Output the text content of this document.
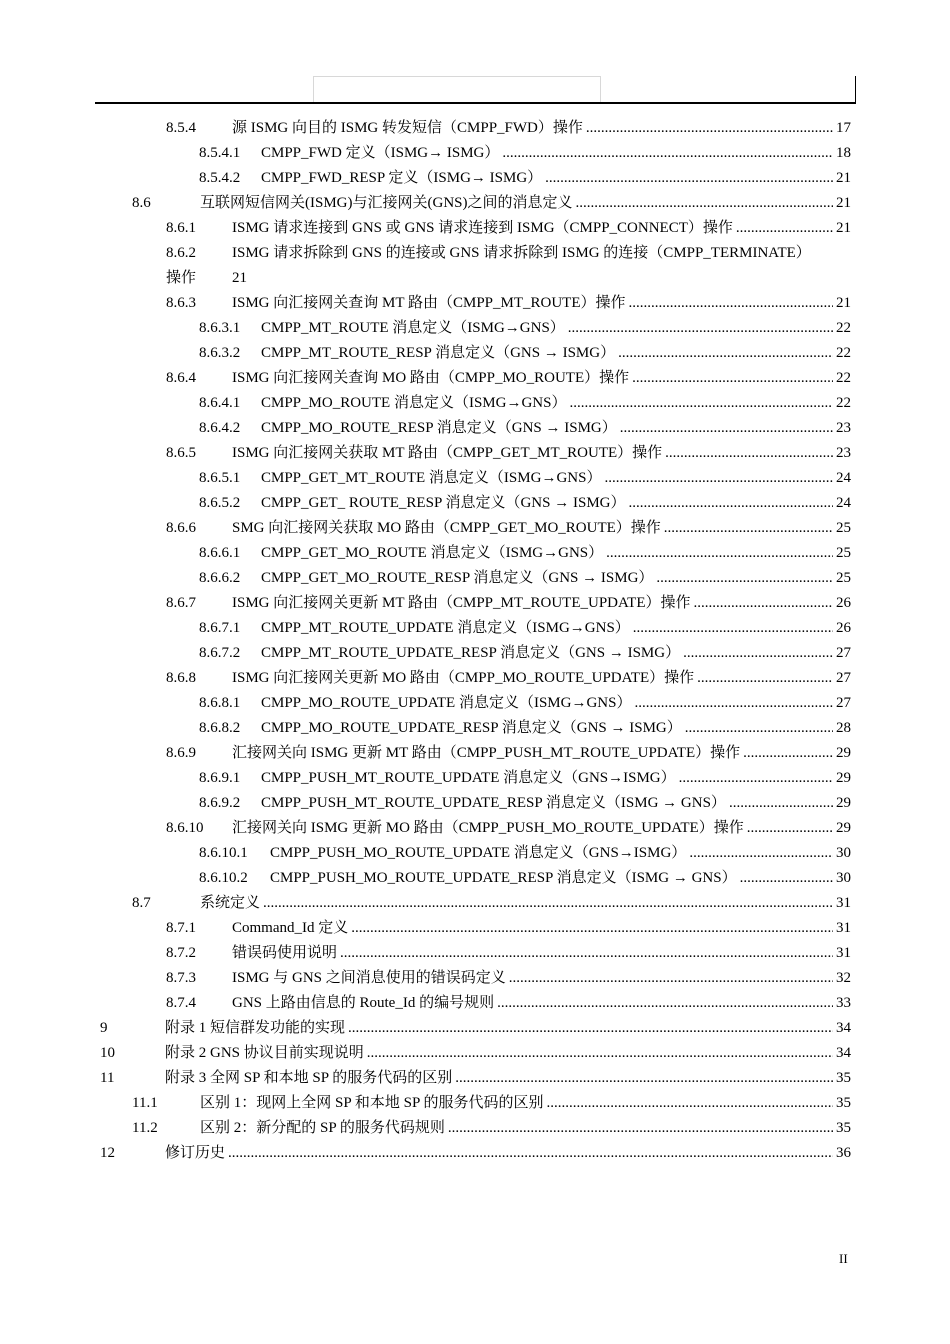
8.5.4	源 ISMG 向目的 ISMG 转发短信（CMPP_FWD）操作 .....	17
8.5.4.1	CMPP_FWD 定义（ISMG→ ISMG） .....	18
8.5.4.2	CMPP_FWD_RESP 定义（ISMG→ ISMG） .....	21
8.6	互联网短信网关(ISMG)与汇接网关(GNS)之间的消息定义 .....	21
8.6.1	ISMG 请求连接到 GNS 或 GNS 请求连接到 ISMG（CMPP_CONNECT）操作 .....	21
8.6.2	ISMG 请求拆除到 GNS 的连接或 GNS 请求拆除到 ISMG 的连接（CMPP_TERMINATE）
操作 21
8.6.3	ISMG 向汇接网关查询 MT 路由（CMPP_MT_ROUTE）操作 .....	21
8.6.3.1	CMPP_MT_ROUTE 消息定义（ISMG→GNS） .....	22
8.6.3.2	CMPP_MT_ROUTE_RESP 消息定义（GNS → ISMG） .....	22
8.6.4	ISMG 向汇接网关查询 MO 路由（CMPP_MO_ROUTE）操作 .....	22
8.6.4.1	CMPP_MO_ROUTE 消息定义（ISMG→GNS） .....	22
8.6.4.2	CMPP_MO_ROUTE_RESP 消息定义（GNS → ISMG） .....	23
8.6.5	ISMG 向汇接网关获取 MT 路由（CMPP_GET_MT_ROUTE）操作 .....	23
8.6.5.1	CMPP_GET_MT_ROUTE 消息定义（ISMG→GNS） .....	24
8.6.5.2	CMPP_GET_ ROUTE_RESP 消息定义（GNS → ISMG） .....	24
8.6.6	SMG 向汇接网关获取 MO 路由（CMPP_GET_MO_ROUTE）操作 .....	25
8.6.6.1	CMPP_GET_MO_ROUTE 消息定义（ISMG→GNS） .....	25
8.6.6.2	CMPP_GET_MO_ROUTE_RESP 消息定义（GNS → ISMG） .....	25
8.6.7	ISMG 向汇接网关更新 MT 路由（CMPP_MT_ROUTE_UPDATE）操作 .....	26
8.6.7.1	CMPP_MT_ROUTE_UPDATE 消息定义（ISMG→GNS） .....	26
8.6.7.2	CMPP_MT_ROUTE_UPDATE_RESP 消息定义（GNS → ISMG） .....	27
8.6.8	ISMG 向汇接网关更新 MO 路由（CMPP_MO_ROUTE_UPDATE）操作 .....	27
8.6.8.1	CMPP_MO_ROUTE_UPDATE 消息定义（ISMG→GNS） .....	27
8.6.8.2	CMPP_MO_ROUTE_UPDATE_RESP 消息定义（GNS → ISMG） .....	28
8.6.9	汇接网关向 ISMG 更新 MT 路由（CMPP_PUSH_MT_ROUTE_UPDATE）操作 .....	29
8.6.9.1	CMPP_PUSH_MT_ROUTE_UPDATE 消息定义（GNS→ISMG） .....	29
8.6.9.2	CMPP_PUSH_MT_ROUTE_UPDATE_RESP 消息定义（ISMG → GNS） .....	29
8.6.10	汇接网关向 ISMG 更新 MO 路由（CMPP_PUSH_MO_ROUTE_UPDATE）操作 .....	29
8.6.10.1	CMPP_PUSH_MO_ROUTE_UPDATE 消息定义（GNS→ISMG） .....	30
8.6.10.2	CMPP_PUSH_MO_ROUTE_UPDATE_RESP 消息定义（ISMG → GNS） .....	30
8.7	系统定义 .....	31
8.7.1	Command_Id 定义 .....	31
8.7.2	错误码使用说明 .....	31
8.7.3	ISMG 与 GNS 之间消息使用的错误码定义 .....	32
8.7.4	GNS 上路由信息的 Route_Id 的编号规则 .....	33
9	附录 1 短信群发功能的实现 .....	34
10	附录 2 GNS 协议目前实现说明 .....	34
11	附录 3 全网 SP 和本地 SP 的服务代码的区别 .....	35
11.1	区别 1：现网上全网 SP 和本地 SP 的服务代码的区别 .....	35
11.2	区别 2：新分配的 SP 的服务代码规则 .....	35
12	修订历史 .....	36
II
